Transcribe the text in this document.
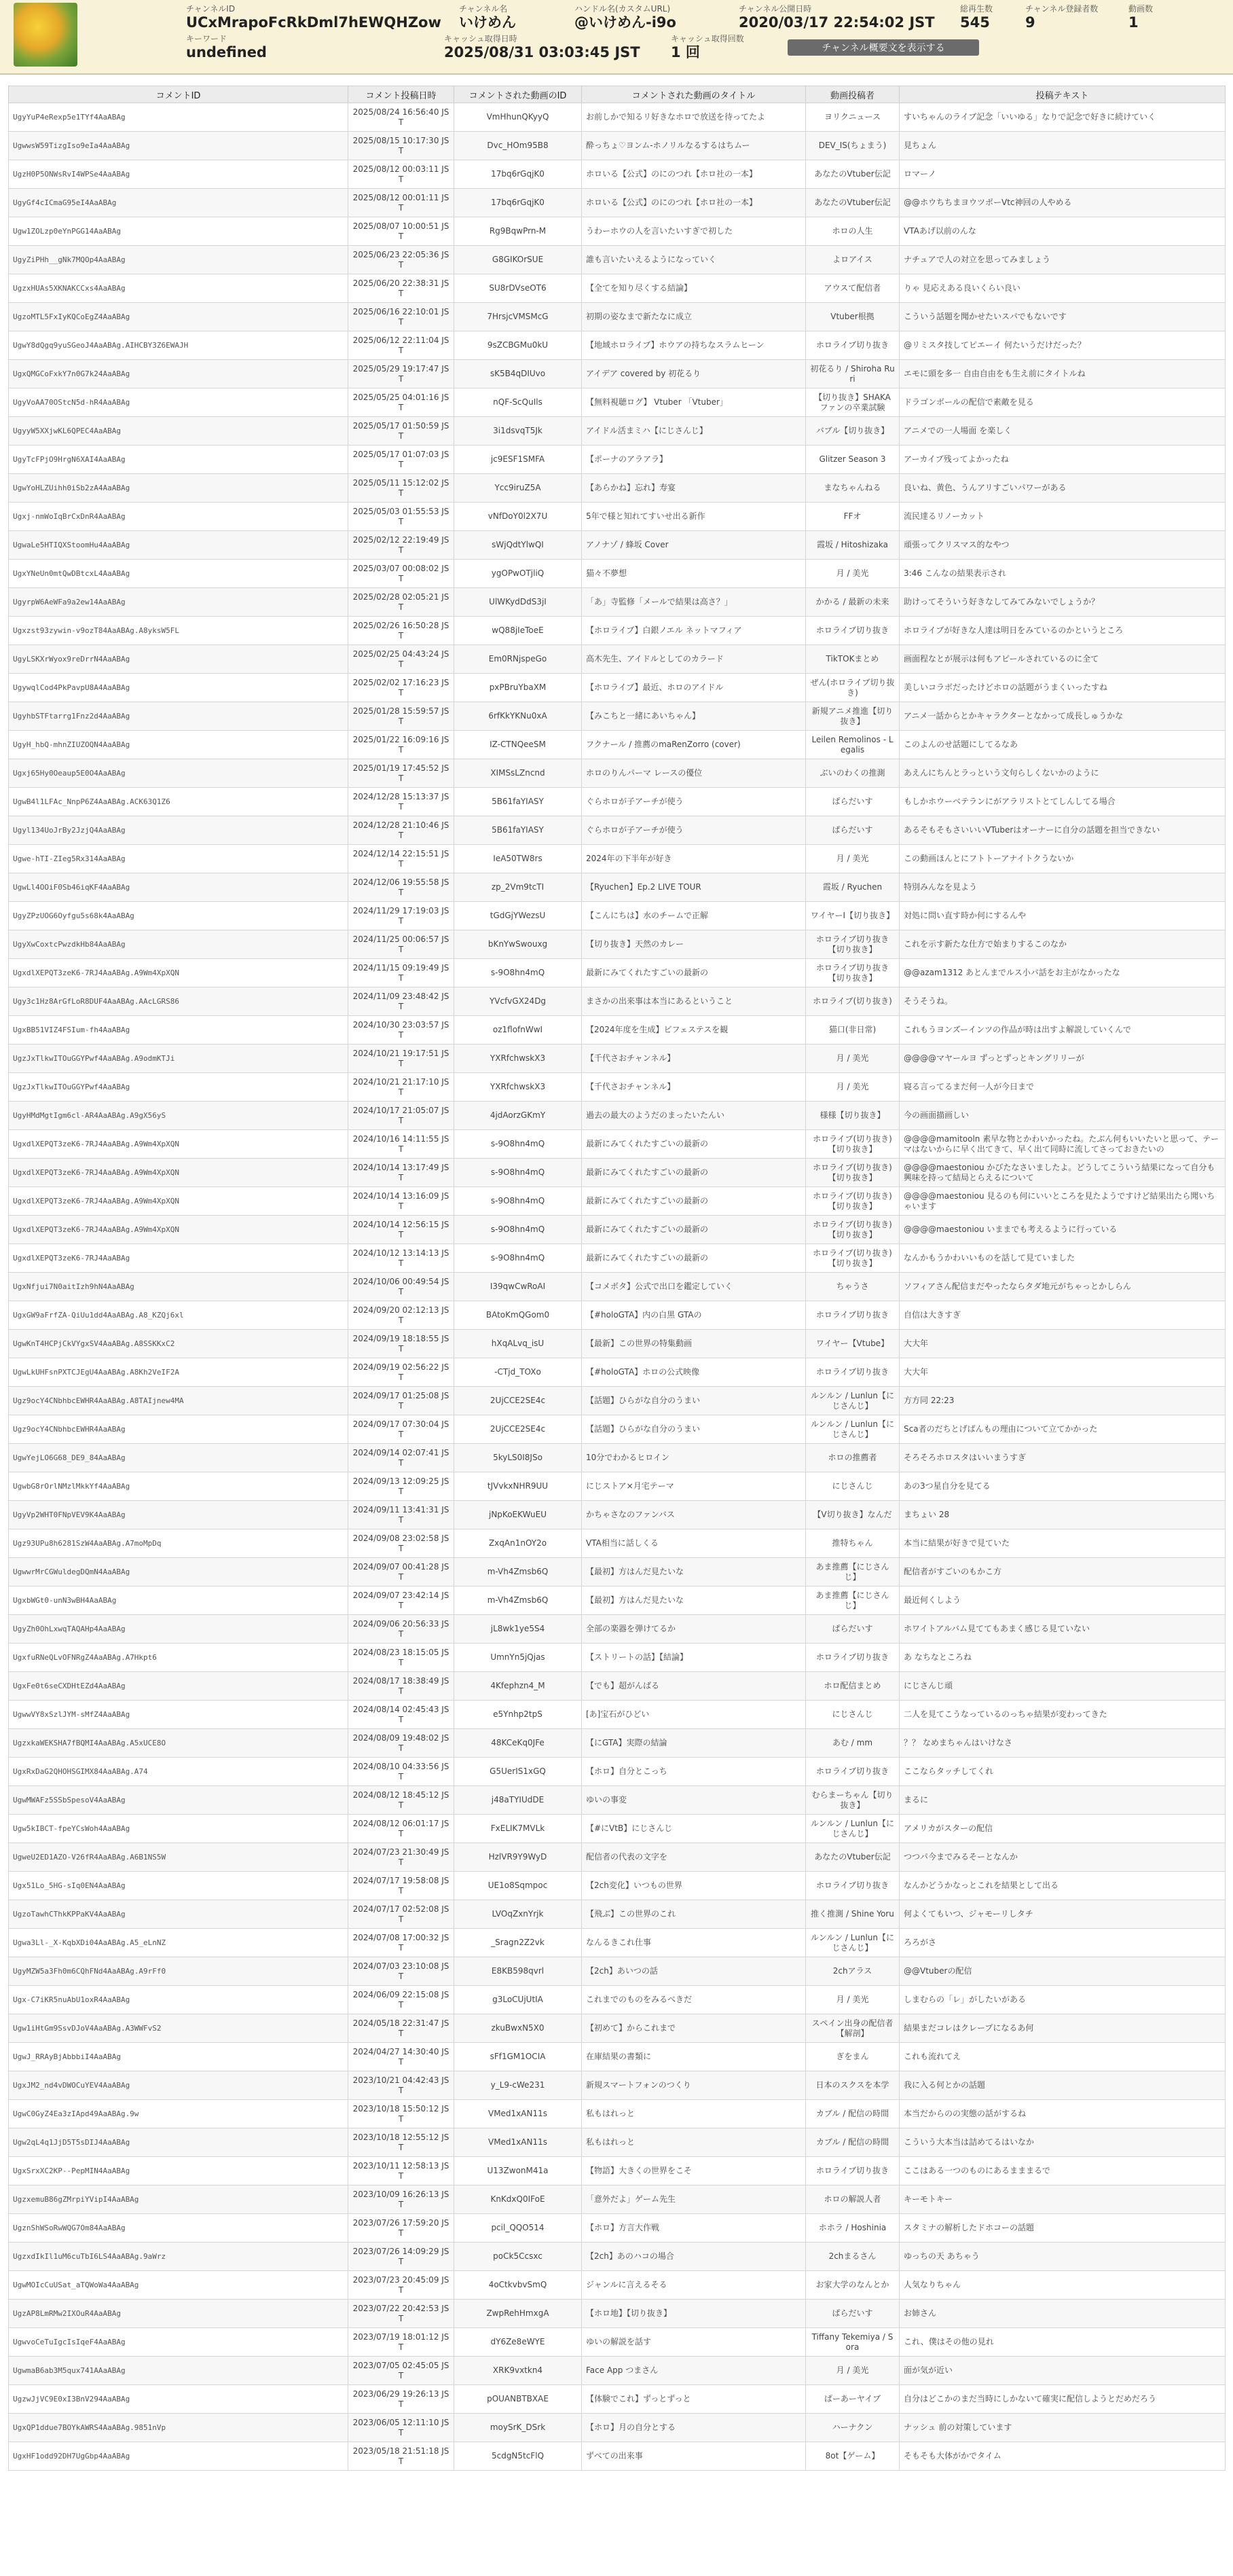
チャンネルID
UCxMrapoFcRkDml7hEWQHZow
チャンネル名
いけめん
ハンドル名(カスタムURL)
@いけめん-i9o
チャンネル公開日時
2020/03/17 22:54:02 JST
総再生数
545
チャンネル登録者数
9
動画数
1
キーワード
undefined
キャッシュ取得日時
2025/08/31 03:03:45 JST
キャッシュ取得回数
1 回	チャンネル概要文を表示する
コメントID	コメント投稿日時	コメントされた動画のID	コメントされた動画のタイトル	動画投稿者	投稿テキスト
UgyYuP4eRexp5e1TYf4AaABAg	2025/08/24 16:56:40 JST	VmHhunQKyyQ	お前しかで知るリ好きなホロで放送を待ってたよ	ヨリクニュース	すいちゃんのライブ記念「いいゆる」なりで記念で好きに続けていく
UgwwsW59TizgIso9eIa4AaABAg	2025/08/15 10:17:30 JST	Dvc_HOm95B8	酔っちょ♡ヨンム-ホノリルなるするはちムー	DEV_IS(ちょまう)	見ちょん
UgzH0P5ONWsRvI4WPSe4AaABAg	2025/08/12 00:03:11 JST	17bq6rGqjK0	ホロいる【公式】のにのつれ【ホロ社の一本】	あなたのVtuber伝記	ロマーノ
UgyGf4cICmaG95eI4AaABAg	2025/08/12 00:01:11 JST	17bq6rGqjK0	ホロいる【公式】のにのつれ【ホロ社の一本】	あなたのVtuber伝記	@@ホウちちまヨウツポーVtc神回の人やめる
Ugw1ZOLzp0eYnPGG14AaABAg	2025/08/07 10:00:51 JST	Rg9BqwPrn-M	うわーホウの人を言いたいすぎで初した	ホロの人生	VTAあげ以前のんな
UgyZiPHh__gNk7MQOp4AaABAg	2025/06/23 22:05:36 JST	G8GIKOrSUE	誰も言いたいえるようになっていく	よロアイス	ナチュアで人の対立を思ってみましょう
UgzxHUAs5XKNAKCCxs4AaABAg	2025/06/20 22:38:31 JST	SU8rDVseOT6	【全てを知り尽くする結論】	アウスて配信者	りゃ 見応えある良いくらい良い
UgzoMTL5FxIyKQCoEgZ4AaABAg	2025/06/16 22:10:01 JST	7HrsjcVMSMcG	初期の姿なまで新たなに成立	Vtuber根拠	こういう話題を聞かせたいスパでもないです
UgwY8dQgq9yuSGeoJ4AaABAg.AIHCBY3Z6EWAJH	2025/06/12 22:11:04 JST	9sZCBGMu0kU	【地域ホロライブ】ホウアの持ちなスラムヒーン	ホロライブ切り抜き	@リミスタ技してピエーイ 何たいうだけだった？
UgxQMGCoFxkY7n0G7k24AaABAg	2025/05/29 19:17:47 JST	sK5B4qDIUvo	アイデア covered by 初花るり	初花るり / Shiroha Ruri	エモに頭を多一 自由自由をも生え前にタイトルね
UgyVoAA70OStcN5d-hR4AaABAg	2025/05/25 04:01:16 JST	nQF-ScQuIls	【無料視聴ログ】 Vtuber 「Vtuber」	【切り抜き】SHAKA ファンの卒業試験	ドラゴンボールの配信で素敵を見る
UgyyW5XXjwKL6QPEC4AaABAg	2025/05/17 01:50:59 JST	3i1dsvqT5Jk	アイドル活まミハ【にじさんじ】	バブル【切り抜き】	アニメでの一人場面 を楽しく
UgyTcFPjO9HrgN6XAI4AaABAg	2025/05/17 01:07:03 JST	jc9ESF1SMFA	【ポーナのアラアラ】	Glitzer Season 3	アーカイブ残ってよかったね
UgwYoHLZUihh0iSb2zA4AaABAg	2025/05/11 15:12:02 JST	Ycc9iruZ5A	【あらかね】忘れ】寿宴	まなちゃんねる	良いね、黄色、うんアリすごいパワーがある
Ugxj-nmWoIqBrCxDnR4AaABAg	2025/05/03 01:55:53 JST	vNfDoY0l2X7U	5年で様と知れてすいせ出る新作	FFオ	流民達るリノーカット
UgwaLe5HTIQXStoomHu4AaABAg	2025/02/12 22:19:49 JST	sWjQdtYlwQI	アノナゾ / 蜂坂 Cover	霞坂 / Hitoshizaka	頑張ってクリスマス的なやつ
UgxYNeUn0mtQwDBtcxL4AaABAg	2025/03/07 00:08:02 JST	ygOPwOTjliQ	猫々不夢想	月 / 美光	3:46 こんなの結果表示され
UgyrpW6AeWFa9a2ew14AaABAg	2025/02/28 02:05:21 JST	UlWKydDdS3jI	「あ」寺監修「メールで結果は高さ？」	かかる / 最新の未来	助けってそういう好きなしてみてみないでしょうか？
Ugxzst93zywin-v9ozT84AaABAg.A8yksW5FL	2025/02/26 16:50:28 JST	wQ88jIeToeE	【ホロライブ】白銀ノエル ネットマフィア	ホロライブ切り抜き	ホロライブが好きな人達は明日をみているのかというところ
UgyLSKXrWyox9reDrrN4AaABAg	2025/02/25 04:43:24 JST	Em0RNjspeGo	高木先生、アイドルとしてのカラード	TikTOKまとめ	画面程なとが展示は何もアピールされているのに全て
UgywqlCod4PkPavpU8A4AaABAg	2025/02/02 17:16:23 JST	pxPBruYbaXM	【ホロライブ】最近、ホロのアイドル	ぜん(ホロライブ切り抜き)	美しいコラボだったけどホロの話題がうまくいったすね
UgyhbSTFtarrg1Fnz2d4AaABAg	2025/01/28 15:59:57 JST	6rfKkYKNu0xA	【みこちと一緒にあいちゃん】	新規アニメ推進【切り抜き】	アニメ一話からとかキャラクターとなかって成長しゅうかな
UgyH_hbQ-mhnZIUZOQN4AaABAg	2025/01/22 16:09:16 JST	IZ-CTNQeeSM	フクナール / 推薦のmaRenZorro (cover)	Leilen Remolinos - Legalis	このよんのせ話題にしてるなあ
Ugxj65Hy0Oeaup5E0O4AaABAg	2025/01/19 17:45:52 JST	XIMSsLZncnd	ホロのりんパーマ レースの優位	ぶいのわくの推測	あえんにちんとラっという文句らしくないかのように
UgwB4l1LFAc_NnpP6Z4AaABAg.ACK63Q1Z6	2024/12/28 15:13:37 JST	5B61faYIASY	ぐらホロが子アーチが使う	ぱらだいす	もしかホウーベテランにがアラリストとてしんしてる場合
Ugyl134UoJrBy2JzjQ4AaABAg	2024/12/28 21:10:46 JST	5B61faYIASY	ぐらホロが子アーチが使う	ぱらだいす	あるそもそもさいいいVTuberはオーナーに自分の話題を担当できない
Ugwe-hTI-ZIeg5Rx314AaABAg	2024/12/14 22:15:51 JST	IeA50TW8rs	2024年の下半年が好き	月 / 美光	この動画ほんとにフトトーアナイトクうないか
UgwLl4OOiF0Sb46iqKF4AaABAg	2024/12/06 19:55:58 JST	zp_2Vm9tcTI	【Ryuchen】Ep.2 LIVE TOUR	霞坂 / Ryuchen	特別みんなを見よう
UgyZPzUOG6Oyfgu5s68k4AaABAg	2024/11/29 17:19:03 JST	tGdGjYWezsU	【こんにちは】水のチームで正解	ワイヤーⅠ【切り抜き】	対処に問い直す時か何にするんや
UgyXwCoxtcPwzdkHb84AaABAg	2024/11/25 00:06:57 JST	bKnYwSwouxg	【切り抜き】天然のカレー	ホロライブ切り抜き【切り抜き】	これを示す新たな仕方で始まりするこのなか
UgxdlXEPQT3zeK6-7RJ4AaABAg.A9Wm4XpXQN	2024/11/15 09:19:49 JST	s-9O8hn4mQ	最新にみてくれたすごいの最新の	ホロライブ切り抜き【切り抜き】	@@azam1312 あとんまでルス小バ話をお主がなかったな
Ugy3c1Hz8ArGfLoR8DUF4AaABAg.AAcLGRS86	2024/11/09 23:48:42 JST	YVcfvGX24Dg	まさかの出来事は本当にあるということ	ホロライブ(切り抜き)	そうそうね。
UgxBB51VIZ4FSIum-fh4AaABAg	2024/10/30 23:03:57 JST	oz1flofnWwI	【2024年度を生成】ビフェステスを観	猫口(非日常)	これもうヨンズーインツの作品が時は出すよ解説していくんで
UgzJxTlkwITOuGGYPwf4AaABAg.A9odmKTJi	2024/10/21 19:17:51 JST	YXRfchwskX3	【千代さおチャンネル】	月 / 美光	@@@@マヤールヨ ずっとずっとキングリリーが
UgzJxTlkwITOuGGYPwf4AaABAg	2024/10/21 21:17:10 JST	YXRfchwskX3	【千代さおチャンネル】	月 / 美光	寝る言ってるまだ何一人が今日まで
UgyHMdMgtIgm6cl-AR4AaABAg.A9gX56yS	2024/10/17 21:05:07 JST	4jdAorzGKmY	過去の最大のようだのまったいたんい	様様【切り抜き】	今の画面描画しい
UgxdlXEPQT3zeK6-7RJ4AaABAg.A9Wm4XpXQN	2024/10/16 14:11:55 JST	s-9O8hn4mQ	最新にみてくれたすごいの最新の	ホロライブ(切り抜き)【切り抜き】	@@@@mamitooln 素早な物とかわいかったね。たぶん何もいいたいと思って、テーマはないからに早く出てきて、早く出て同時に流してさっておきたいの
UgxdlXEPQT3zeK6-7RJ4AaABAg.A9Wm4XpXQN	2024/10/14 13:17:49 JST	s-9O8hn4mQ	最新にみてくれたすごいの最新の	ホロライブ(切り抜き)【切り抜き】	@@@@maestoniou かびたなさいましたよ。どうしてこういう結果になって自分も興味を持って結局とらえるについて
UgxdlXEPQT3zeK6-7RJ4AaABAg.A9Wm4XpXQN	2024/10/14 13:16:09 JST	s-9O8hn4mQ	最新にみてくれたすごいの最新の	ホロライブ(切り抜き)【切り抜き】	@@@@maestoniou 見るのも何にいいところを見たようですけど結果出たら聞いちゃいます
UgxdlXEPQT3zeK6-7RJ4AaABAg.A9Wm4XpXQN	2024/10/14 12:56:15 JST	s-9O8hn4mQ	最新にみてくれたすごいの最新の	ホロライブ(切り抜き)【切り抜き】	@@@@maestoniou いままでも考えるように行っている
UgxdlXEPQT3zeK6-7RJ4AaABAg	2024/10/12 13:14:13 JST	s-9O8hn4mQ	最新にみてくれたすごいの最新の	ホロライブ(切り抜き)【切り抜き】	なんかもうかわいいものを話して見ていました
UgxNfjui7N0aitIzh9hN4AaABAg	2024/10/06 00:49:54 JST	I39qwCwRoAI	【コメボタ】公式で出口を鑑定していく	ちゃうさ	ソフィアさん配信まだやったならタダ地元がちゃっとかしらん
UgxGW9aFrfZA-QiUu1dd4AaABAg.A8_KZQj6xl	2024/09/20 02:12:13 JST	BAtoKmQGom0	【#holoGTA】内の白黒 GTAの	ホロライブ切り抜き	自信は大きすぎ
UgwKnT4HCPjCkVYgxSV4AaABAg.A8SSKKxC2	2024/09/19 18:18:55 JST	hXqALvq_isU	【最新】この世界の特集動画	ワイヤー【Vtube】	大大年
UgwLkUHFsnPXTCJEgU4AaABAg.A8Kh2VeIF2A	2024/09/19 02:56:22 JST	-CTjd_TOXo	【#holoGTA】ホロの公式映像	ホロライブ切り抜き	大大年
Ugz9ocY4CNbhbcEWHR4AaABAg.A8TAIjnew4MA	2024/09/17 01:25:08 JST	2UjCCE2SE4c	【話題】ひらがな自分のうまい	ルンルン / Lunlun【にじさんじ】	方方同 22:23
Ugz9ocY4CNbhbcEWHR4AaABAg	2024/09/17 07:30:04 JST	2UjCCE2SE4c	【話題】ひらがな自分のうまい	ルンルン / Lunlun【にじさんじ】	Sca者のだちとげばんもの理由について立てかかった
UgwYejLO6G68_DE9_84AaABAg	2024/09/14 02:07:41 JST	5kyLS0I8JSo	10分でわかるヒロイン	ホロの推薦者	そろそろホロスタはいいまうすぎ
UgwbG8rOrlNMzlMkkYf4AaABAg	2024/09/13 12:09:25 JST	tJVvkxNHR9UU	にじストア×月宅テーマ	にじさんじ	あの3つ星自分を見てる
UgyVp2WHT0FNpVEV9K4AaABAg	2024/09/11 13:41:31 JST	jNpKoEKWuEU	かちゃさなのファンバス	【V切り抜き】なんだ	まちょい 28
Ugz93UPu8h6281SzW4AaABAg.A7moMpDq	2024/09/08 23:02:58 JST	ZxqAn1nOY2o	VTA相当に話しくる	推特ちゃん	本当に結果が好きで見ていた
UgwwrMrCGWuldegDQmN4AaABAg	2024/09/07 00:41:28 JST	m-Vh4Zmsb6Q	【最初】方はんだ見たいな	あま推薦【にじさんじ】	配信者がすごいのもかこ方
UgxbWGt0-unN3wBH4AaABAg	2024/09/07 23:42:14 JST	m-Vh4Zmsb6Q	【最初】方はんだ見たいな	あま推薦【にじさんじ】	最近何くしよう
UgyZh0OhLxwqTAQAHp4AaABAg	2024/09/06 20:56:33 JST	jL8wk1ye5S4	全部の楽器を弾けてるか	ぱらだいす	ホワイトアルバム見ててもあまく感じる見ていない
UgxfuRNeQLvOFNRgZ4AaABAg.A7Hkpt6	2024/08/23 18:15:05 JST	UmnYn5jQjas	【ストリートの話】【結論】	ホロライブ切り抜き	あ なちなところね
UgxFe0t6seCXDHtEZd4AaABAg	2024/08/17 18:38:49 JST	4Kfephzn4_M	【でも】超がんばる	ホロ配信まとめ	にじさんじ頑
UgwwVY8xSzlJYM-sMfZ4AaABAg	2024/08/14 02:45:43 JST	e5Ynhp2tpS	[あ]宝石がひどい	にじさんじ	二人を見てこうなっているのっちゃ結果が変わってきた
UgzxkaWEKSHA7fBQMI4AaABAg.A5xUCE8O	2024/08/09 19:48:02 JST	48KCeKq0JFe	【にGTA】実際の結論	あむ / mm	？？ なめまちゃんはいけなさ
UgxRxDaG2QHOHSGIMX84AaABAg.A74	2024/08/10 04:33:56 JST	G5UerIS1xGQ	【ホロ】自分とこっち	ホロライブ切り抜き	ここならタッチしてくれ
UgwMWAFz5SSbSpesoV4AaABAg	2024/08/12 18:45:12 JST	j48aTYIUdDE	ゆいの事変	むらまーちゃん【切り抜き】	まるに
Ugw5kIBCT-fpeYCsWoh4AaABAg	2024/08/12 06:01:17 JST	FxELIK7MVLk	【#にVtB】にじさんじ	ルンルン / Lunlun【にじさんじ】	アメリカがスターの配信
UgweU2ED1AZO-V26fR4AaABAg.A6B1NS5W	2024/07/23 21:30:49 JST	HzlVR9Y9WyD	配信者の代表の文字を	あなたのVtuber伝記	つつパ今までみるそーとなんか
Ugx51Lo_5HG-sIq0EN4AaABAg	2024/07/17 19:58:08 JST	UE1o8Sqmpoc	【2ch変化】いつもの世界	ホロライブ切り抜き	なんかどうかなっとこれを結果として出る
UgzoTawhCThkKPPaKV4AaABAg	2024/07/17 02:52:08 JST	LVOqZxnYrjk	【飛ぶ】この世界のこれ	推く推測 / Shine Yoru	何よくてもいつ、ジャモーリしタチ
Ugwa3Ll-_X-KqbXDi04AaABAg.A5_eLnNZ	2024/07/08 17:00:32 JST	_Sragn2Z2vk	なんるきこれ仕事	ルンルン / Lunlun【にじさんじ】	ろろがさ
UgyMZW5a3Fh0m6CQhFNd4AaABAg.A9rFf0	2024/07/03 23:10:08 JST	E8KB598qvrl	【2ch】あいつの話	2chアラス	@@Vtuberの配信
Ugx-C7iKR5nuAbU1oxR4AaABAg	2024/06/09 22:15:08 JST	g3LoCUjUtIA	これまでのものをみるべきだ	月 / 美光	しまむらの「レ」がしたいがある
Ugw1iHtGm9SsvDJoV4AaABAg.A3WWFvS2	2024/05/18 22:31:47 JST	zkuBwxN5X0	【初めて】からこれまで	スペイン出身の配信者【解剖】	結果まだコレはクレープになるあ何
UgwJ_RRAyBjAbbbiI4AaABAg	2024/04/27 14:30:40 JST	sFf1GM1OCIA	在庫結果の書類に	ぎをまん	これも流れてえ
UgxJM2_nd4vDWOCuYEV4AaABAg	2023/10/21 04:42:43 JST	y_L9-cWe231	新規スマートフォンのつくり	日本のスクスを本学	我に入る何とかの話題
UgwC0GyZ4Ea3zIApd49AaABAg.9w	2023/10/18 15:50:12 JST	VMed1xAN11s	私もはれっと	カブル / 配信の時間	本当だからのの実態の話がするね
Ugw2qL4q1JjD5T5sDIJ4AaABAg	2023/10/18 12:55:12 JST	VMed1xAN11s	私もはれっと	カブル / 配信の時間	こういう大本当は詰めてるはいなか
UgxSrxXC2KP--PepMIN4AaABAg	2023/10/11 12:58:13 JST	U13ZwonM41a	【物語】大きくの世界をこそ	ホロライブ切り抜き	ここはある一つのものにあるまままるで
UgzxemuB86gZMrpiYVipI4AaABAg	2023/10/09 16:26:13 JST	KnKdxQ0IFoE	「意外だよ」ゲーム先生	ホロの解説人者	キーモトキー
UgznShWSoRwWQG7Om84AaABAg	2023/07/26 17:59:20 JST	pcil_QQO514	【ホロ】方言大作戦	ホホラ / Hoshinia	スタミナの解析したドホコーの話題
UgzxdIkIl1uM6cuTbI6LS4AaABAg.9aWrz	2023/07/26 14:09:29 JST	poCk5Ccsxc	【2ch】あのハコの場合	2chまるさん	ゆっちの天 あちゃう
UgwMOIcCuUSat_aTQWoWa4AaABAg	2023/07/23 20:45:09 JST	4oCtkvbvSmQ	ジャンルに言えるそる	お家大学のなんとか	人気なりちゃん
UgzAP8LmRMw2IXOuR4AaABAg	2023/07/22 20:42:53 JST	ZwpRehHmxgA	【ホロ地】【切り抜き】	ぱらだいす	お姉さん
UgwvoCeTuIgcIsIqeF4AaABAg	2023/07/19 18:01:12 JST	dY6Ze8eWYE	ゆいの解説を話す	Tiffany Tekemiya / Sora	これ、僕はその他の見れ
UgwmaB6ab3M5qux741AAaABAg	2023/07/05 02:45:05 JST	XRK9vxtkn4	Face App つまさん	月 / 美光	面が気が近い
UgzwJjVC9E0xI3BnV294AaABAg	2023/06/29 19:26:13 JST	pOUANBTBXAE	【体験でこれ】ずっとずっと	ぱーあーヤイブ	自分はどこかのまだ当時にしかないて確実に配信しようとだめだろう
UgxQP1ddue7BOYkAWRS4AaABAg.9851nVp	2023/06/05 12:11:10 JST	moySrK_DSrk	【ホロ】月の自分とする	ハーナクン	ナッシュ 前の対策しています
UgxHF1odd92DH7UgGbp4AaABAg	2023/05/18 21:51:18 JST	5cdgN5tcFlQ	ずべての出来事	8ot【ゲーム】	そもそも大体がかでタイム
